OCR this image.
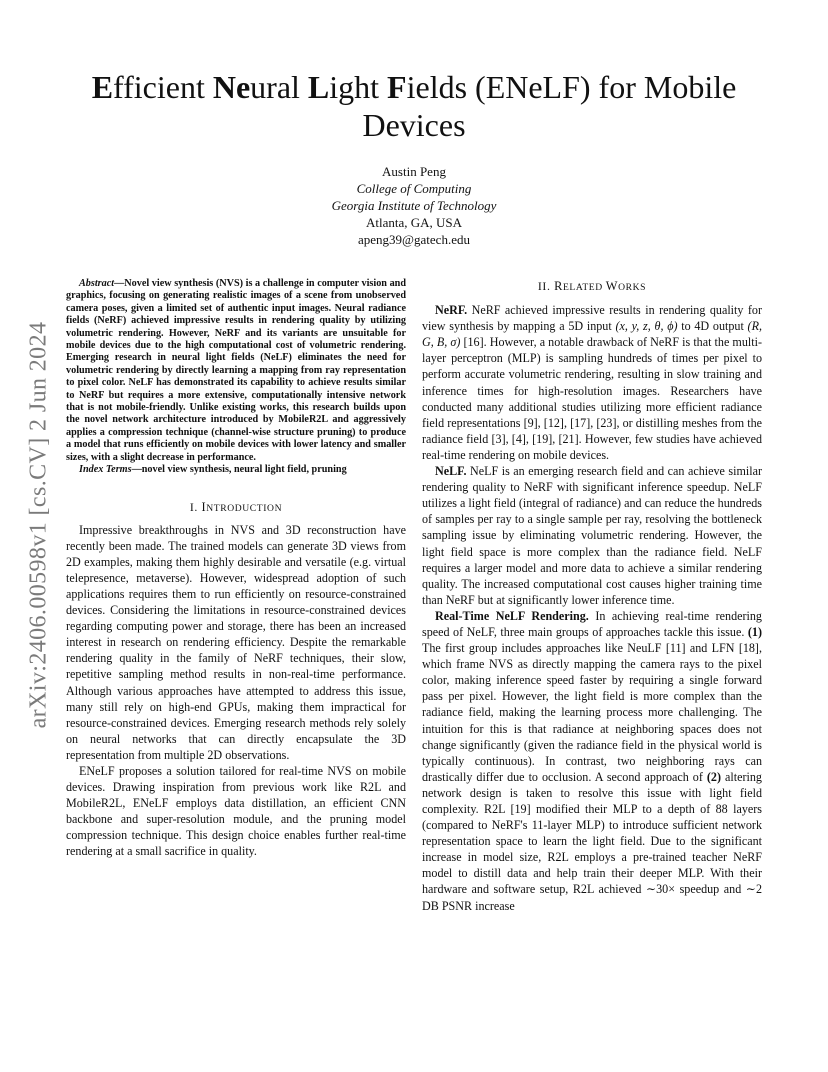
arXiv:2406.00598v1 [cs.CV] 2 Jun 2024
Efficient Neural Light Fields (ENeLF) for Mobile Devices
Austin Peng
College of Computing
Georgia Institute of Technology
Atlanta, GA, USA
apeng39@gatech.edu

Abstract—Novel view synthesis (NVS) is a challenge in computer vision and graphics, focusing on generating realistic images of a scene from unobserved camera poses, given a limited set of authentic input images. Neural radiance fields (NeRF) achieved impressive results in rendering quality by utilizing volumetric rendering. However, NeRF and its variants are unsuitable for mobile devices due to the high computational cost of volumetric rendering. Emerging research in neural light fields (NeLF) eliminates the need for volumetric rendering by directly learning a mapping from ray representation to pixel color. NeLF has demonstrated its capability to achieve results similar to NeRF but requires a more extensive, computationally intensive network that is not mobile-friendly. Unlike existing works, this research builds upon the novel network architecture introduced by MobileR2L and aggressively applies a compression technique (channel-wise structure pruning) to produce a model that runs efficiently on mobile devices with lower latency and smaller sizes, with a slight decrease in performance.

Index Terms—novel view synthesis, neural light field, pruning

I. INTRODUCTION

Impressive breakthroughs in NVS and 3D reconstruction have recently been made. The trained models can generate 3D views from 2D examples, making them highly desirable and versatile (e.g. virtual telepresence, metaverse). However, widespread adoption of such applications requires them to run efficiently on resource-constrained devices. Considering the limitations in resource-constrained devices regarding computing power and storage, there has been an increased interest in research on rendering efficiency. Despite the remarkable rendering quality in the family of NeRF techniques, their slow, repetitive sampling method results in non-real-time performance. Although various approaches have attempted to address this issue, many still rely on high-end GPUs, making them impractical for resource-constrained devices. Emerging research methods rely solely on neural networks that can directly encapsulate the 3D representation from multiple 2D observations.

ENeLF proposes a solution tailored for real-time NVS on mobile devices. Drawing inspiration from previous work like R2L and MobileR2L, ENeLF employs data distillation, an efficient CNN backbone and super-resolution module, and the pruning model compression technique. This design choice enables further real-time rendering at a small sacrifice in quality.

II. RELATED WORKS

NeRF. NeRF achieved impressive results in rendering quality for view synthesis by mapping a 5D input (x, y, z, θ, ϕ) to 4D output (R, G, B, σ) [16]. However, a notable drawback of NeRF is that the multi-layer perceptron (MLP) is sampling hundreds of times per pixel to perform accurate volumetric rendering, resulting in slow training and inference times for high-resolution images. Researchers have conducted many additional studies utilizing more efficient radiance field representations [9], [12], [17], [23], or distilling meshes from the radiance field [3], [4], [19], [21]. However, few studies have achieved real-time rendering on mobile devices.

NeLF. NeLF is an emerging research field and can achieve similar rendering quality to NeRF with significant inference speedup. NeLF utilizes a light field (integral of radiance) and can reduce the hundreds of samples per ray to a single sample per ray, resolving the bottleneck sampling issue by eliminating volumetric rendering. However, the light field space is more complex than the radiance field. NeLF requires a larger model and more data to achieve a similar rendering quality. The increased computational cost causes higher training time than NeRF but at significantly lower inference time.

Real-Time NeLF Rendering. In achieving real-time rendering speed of NeLF, three main groups of approaches tackle this issue. (1) The first group includes approaches like NeuLF [11] and LFN [18], which frame NVS as directly mapping the camera rays to the pixel color, making inference speed faster by requiring a single forward pass per pixel. However, the light field is more complex than the radiance field, making the learning process more challenging. The intuition for this is that radiance at neighboring spaces does not change significantly (given the radiance field in the physical world is typically continuous). In contrast, two neighboring rays can drastically differ due to occlusion. A second approach of (2) altering network design is taken to resolve this issue with light field complexity. R2L [19] modified their MLP to a depth of 88 layers (compared to NeRF's 11-layer MLP) to introduce sufficient network representation space to learn the light field. Due to the significant increase in model size, R2L employs a pre-trained teacher NeRF model to distill data and help train their deeper MLP. With their hardware and software setup, R2L achieved ∼30× speedup and ∼2 DB PSNR increase
